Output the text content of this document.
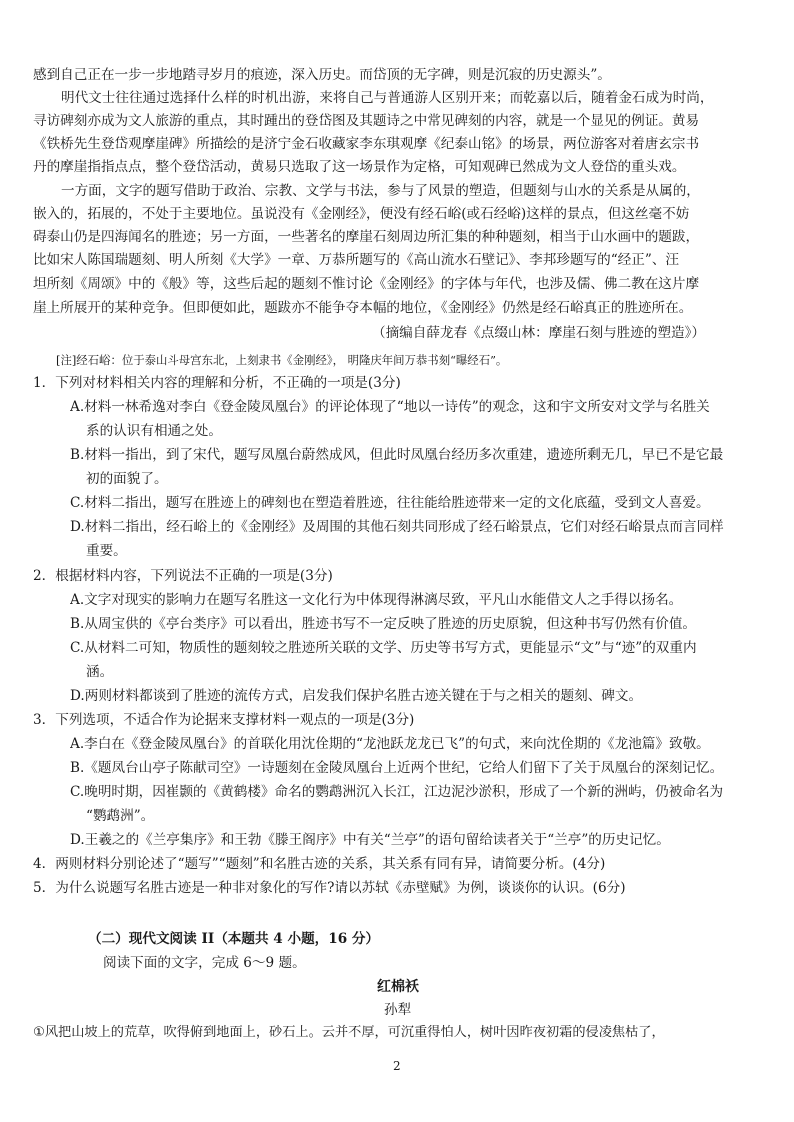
感到自己正在一步一步地踏寻岁月的痕迹，深入历史。而岱顶的无字碑，则是沉寂的历史源头”。
明代文士往往通过选择什么样的时机出游，来将自己与普通游人区别开来；而乾嘉以后，随着金石成为时尚，
寻访碑刻亦成为文人旅游的重点，其时踵出的登岱图及其题诗之中常见碑刻的内容，就是一个显见的例证。黄易
《铁桥先生登岱观摩崖碑》所描绘的是济宁金石收藏家李东琪观摩《纪泰山铭》的场景，两位游客对着唐玄宗书
丹的摩崖指指点点，整个登岱活动，黄易只选取了这一场景作为定格，可知观碑已然成为文人登岱的重头戏。
一方面，文字的题写借助于政治、宗教、文学与书法，参与了风景的塑造，但题刻与山水的关系是从属的，
嵌入的，拓展的，不处于主要地位。虽说没有《金刚经》，便没有经石峪(或石经峪)这样的景点，但这丝毫不妨
碍泰山仍是四海闻名的胜迹；另一方面，一些著名的摩崖石刻周边所汇集的种种题刻，相当于山水画中的题跋，
比如宋人陈国瑞题刻、明人所刻《大学》一章、万恭所题写的《高山流水石壁记》、李邦珍题写的“经正”、汪
坦所刻《周颂》中的《般》等，这些后起的题刻不惟讨论《金刚经》的字体与年代，也涉及儒、佛二教在这片摩
崖上所展开的某种竞争。但即便如此，题跋亦不能争夺本幅的地位，《金刚经》仍然是经石峪真正的胜迹所在。
（摘编自薛龙春《点缀山林：摩崖石刻与胜迹的塑造》）
[注]经石峪：位于泰山斗母宫东北，上刻隶书《金刚经》， 明隆庆年间万恭书刻“曝经石”。
1．下列对材料相关内容的理解和分析，不正确的一项是(3分)
A.材料一林希逸对李白《登金陵凤凰台》的评论体现了“地以一诗传”的观念，这和宇文所安对文学与名胜关
系的认识有相通之处。
B.材料一指出，到了宋代，题写凤凰台蔚然成风，但此时凤凰台经历多次重建，遗迹所剩无几，早已不是它最
初的面貌了。
C.材料二指出，题写在胜迹上的碑刻也在塑造着胜迹，往往能给胜迹带来一定的文化底蕴，受到文人喜爱。
D.材料二指出，经石峪上的《金刚经》及周围的其他石刻共同形成了经石峪景点，它们对经石峪景点而言同样
重要。
2．根据材料内容，下列说法不正确的一项是(3分)
A.文字对现实的影响力在题写名胜这一文化行为中体现得淋漓尽致，平凡山水能借文人之手得以扬名。
B.从周宝供的《亭台类序》可以看出，胜迹书写不一定反映了胜迹的历史原貌，但这种书写仍然有价值。
C.从材料二可知，物质性的题刻较之胜迹所关联的文学、历史等书写方式，更能显示“文”与“迹”的双重内
涵。
D.两则材料都谈到了胜迹的流传方式，启发我们保护名胜古迹关键在于与之相关的题刻、碑文。
3．下列选项，不适合作为论据来支撑材料一观点的一项是(3分)
A.李白在《登金陵凤凰台》的首联化用沈佺期的“龙池跃龙龙已飞”的句式，来向沈佺期的《龙池篇》致敬。
B.《题凤台山亭子陈献司空》一诗题刻在金陵凤凰台上近两个世纪，它给人们留下了关于凤凰台的深刻记忆。
C.晚明时期，因崔颢的《黄鹤楼》命名的鹦鹉洲沉入长江，江边泥沙淤积，形成了一个新的洲屿，仍被命名为
“鹦鹉洲”。
D.王羲之的《兰亭集序》和王勃《滕王阁序》中有关“兰亭”的语句留给读者关于“兰亭”的历史记忆。
4．两则材料分别论述了“题写”“题刻”和名胜古迹的关系，其关系有同有异，请简要分析。(4分)
5．为什么说题写名胜古迹是一种非对象化的写作?请以苏轼《赤壁赋》为例，谈谈你的认识。(6分)
（二）现代文阅读 II（本题共 4 小题，16 分）
阅读下面的文字，完成 6～9 题。
红棉袄
孙犁
①风把山坡上的荒草，吹得俯到地面上，砂石上。云并不厚，可沉重得怕人，树叶因昨夜初霜的侵凌焦枯了，
2
